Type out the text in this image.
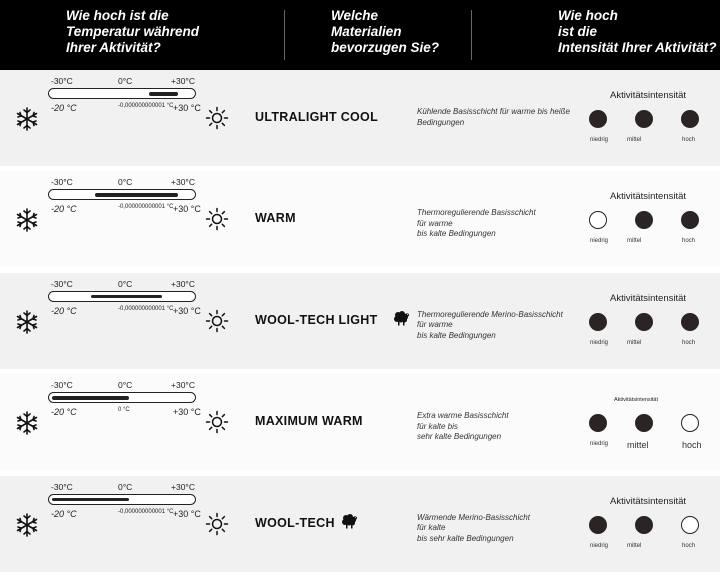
Wie hoch ist die
Temperatur während
Ihrer Aktivität?
Welche
Materialien
bevorzugen Sie?
Wie hoch
ist die
Intensität Ihrer Aktivität?
-30°C	0°C	+30°C
-20 °C	-0,000000000001 °C +30 °C
ULTRALIGHT COOL	Kühlende Basisschicht für warme bis heiße
Bedingungen
Aktivitätsintensität
niedrig	mittel	hoch
-30°C	0°C	+30°C
-20 °C	-0,000000000001 °C +30 °C
WARM	Thermoregulierende Basisschicht
für warme
bis kalte Bedingungen
Aktivitätsintensität
niedrig	mittel	hoch
-30°C	0°C	+30°C
-20 °C	-0,000000000001 °C +30 °C
WOOL-TECH LIGHT	Thermoregulierende Merino-Basisschicht
für warme
bis kalte Bedingungen
Aktivitätsintensität
niedrig	mittel	hoch
-30°C	0°C	+30°C
-20 °C	0 °C	+30 °C
MAXIMUM WARM	Extra warme Basisschicht
für kalte bis
sehr kalte Bedingungen
Aktivitätsintensität
niedrig mittel	hoch
-30°C	0°C	+30°C
-20 °C	-0,000000000001 °C +30 °C
WOOL-TECH	Wärmende Merino-Basisschicht
für kalte
bis sehr kalte Bedingungen
Aktivitätsintensität
niedrig	mittel	hoch
